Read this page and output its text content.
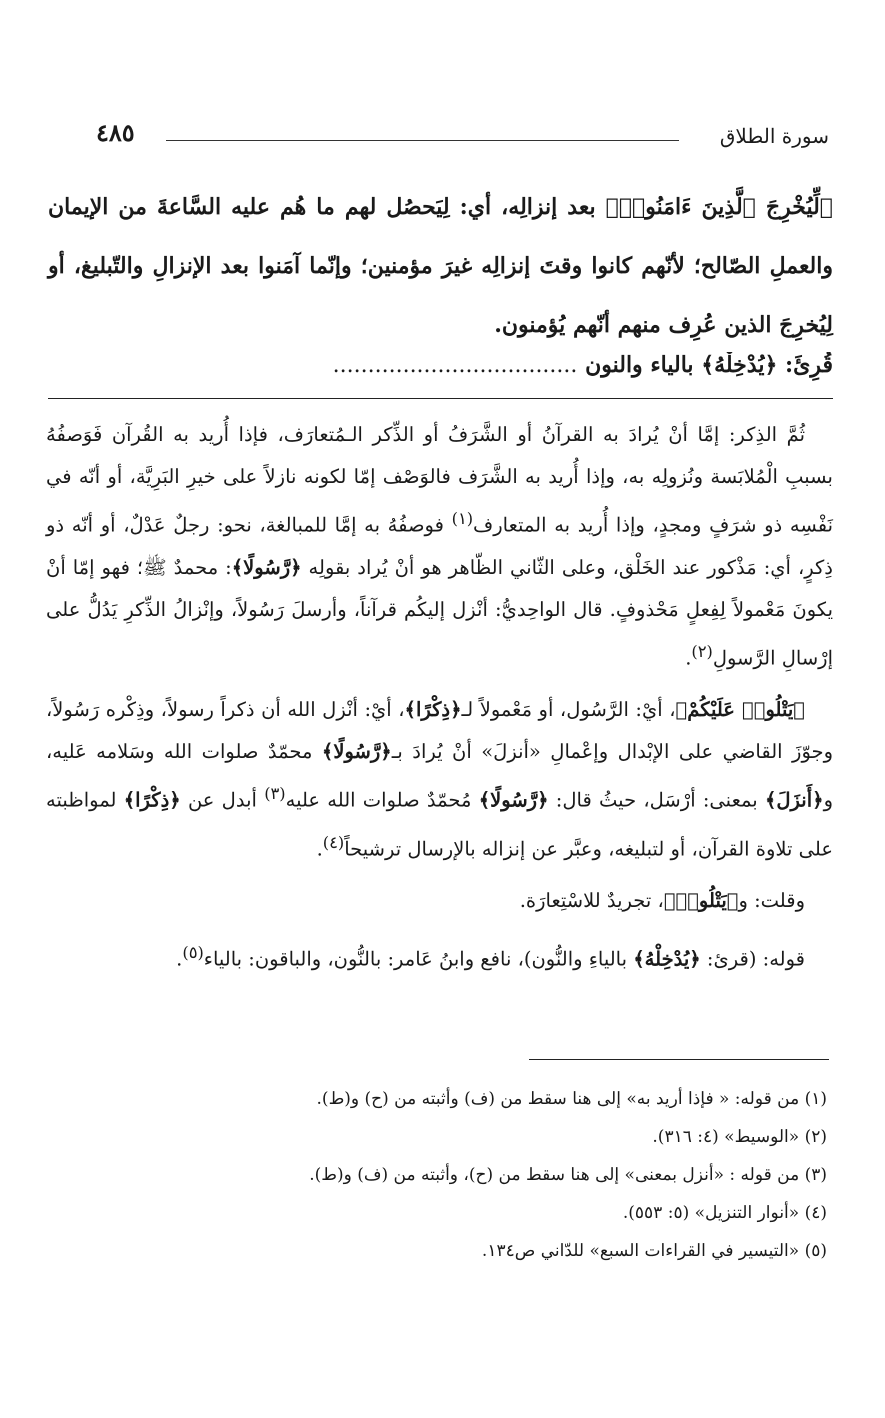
سورة الطلاق
٤٨٥
﴿لِّيُخْرِجَ ٱلَّذِينَ ءَامَنُوا۟﴾ بعد إنزالِه، أي: لِيَحصُل لهم ما هُم عليه السَّاعةَ من الإيمان والعملِ الصّالح؛ لأنّهم كانوا وقتَ إنزالِه غيرَ مؤمنين؛ وإنّما آمَنوا بعد الإنزالِ والتّبليغ، أو لِيُخرِجَ الذين عُرِف منهم أنّهم يُؤمنون.
قُرِئَ: ﴿يُدْخِلْهُ﴾ بالياء والنون ...................................

ثُمَّ الذِكر: إمَّا أنْ يُرادَ به القرآنُ أو الشَّرَفُ أو الذِّكر الـمُتعارَف، فإذا أُريد به القُرآن فَوَصفُهُ بسببِ الْمُلابَسة ونُزولِه به، وإذا أُريد به الشَّرَف فالوَصْف إمّا لكونه نازلاً على خيرِ البَرِيَّة، أو أنّه في نَفْسِه ذو شرَفٍ ومجدٍ، وإذا أُريد به المتعارف$^{(١)}$ فوصفُهُ به إمَّا للمبالغة، نحو: رجلٌ عَدْلٌ، أو أنّه ذو ذِكرٍ، أي: مَذْكور عند الخَلْق، وعلى الثّاني الظّاهر هو أنْ يُراد بقولِه ﴿رَّسُولًا﴾: محمدٌ ﷺ؛ فهو إمّا أنْ يكونَ مَعْمولاً لِفِعلٍ مَحْذوفٍ. قال الواحِديُّ: أنْزل إليكُم قرآناً، وأرسلَ رَسُولاً، وإنْزالُ الذِّكرِ يَدُلُّ على إرْسالِ الرَّسولِ$^{(٢)}$.

﴿يَتْلُوا۟ عَلَيْكُمْ﴾، أيْ: الرَّسُول، أو مَعْمولاً لـ﴿ذِكْرًا﴾، أيْ: أنْزل الله أن ذكراً رسولاً، وذِكْره رَسُولاً، وجوّزَ القاضي على الإبْدال وإعْمالِ «أنزلَ» أنْ يُرادَ بـ﴿رَّسُولًا﴾ محمّدٌ صلوات الله وسَلامه عَليه، و﴿أَنزَلَ﴾ بمعنى: أرْسَل، حيثُ قال: ﴿رَّسُولًا﴾ مُحمّدٌ صلوات الله عليه$^{(٣)}$ أبدل عن ﴿ذِكْرًا﴾ لمواظبته على تلاوة القرآن، أو لتبليغه، وعبَّر عن إنزاله بالإرسال ترشيحاً$^{(٤)}$.

وقلت: و﴿يَتْلُوا۟﴾، تجريدٌ للاسْتِعارَة.

قوله: (قرئ: ﴿يُدْخِلْهُ﴾ بالياءِ والنُّون)، نافع وابنُ عَامر: بالنُّون، والباقون: بالياء$^{(٥)}$.

(١) من قوله: « فإذا أريد به» إلى هنا سقط من (ف) وأثبته من (ح) و(ط).
(٢) «الوسيط» (٤: ٣١٦).
(٣) من قوله : «أنزل بمعنى» إلى هنا سقط من (ح)، وأثبته من (ف) و(ط).
(٤) «أنوار التنزيل» (٥: ٥٥٣).
(٥) «التيسير في القراءات السبع» للدّاني ص١٣٤.
